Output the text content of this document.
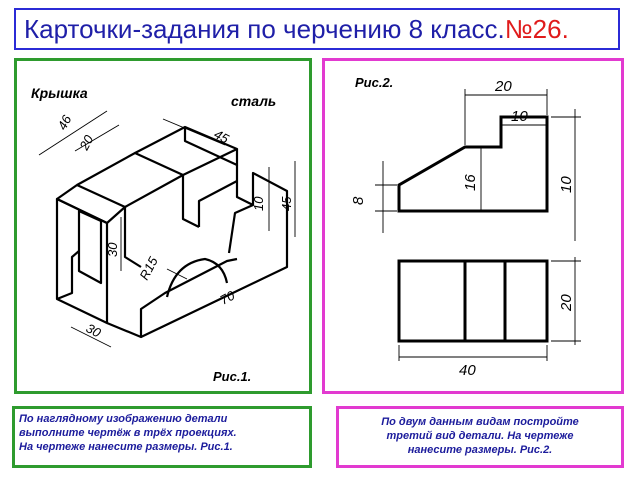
Карточки-задания по черчению 8 класс. №26.
Крышка	сталь
Рис.1.
46
20	45
10 45
30
R15
70
30
Рис.2.	20
10
8
16	10
20
40
По наглядному изображению детали
выполните чертёж в трёх проекциях.
На чертеже нанесите размеры. Рис.1.
По двум данным видам постройте
третий вид детали. На чертеже
нанесите размеры. Рис.2.
